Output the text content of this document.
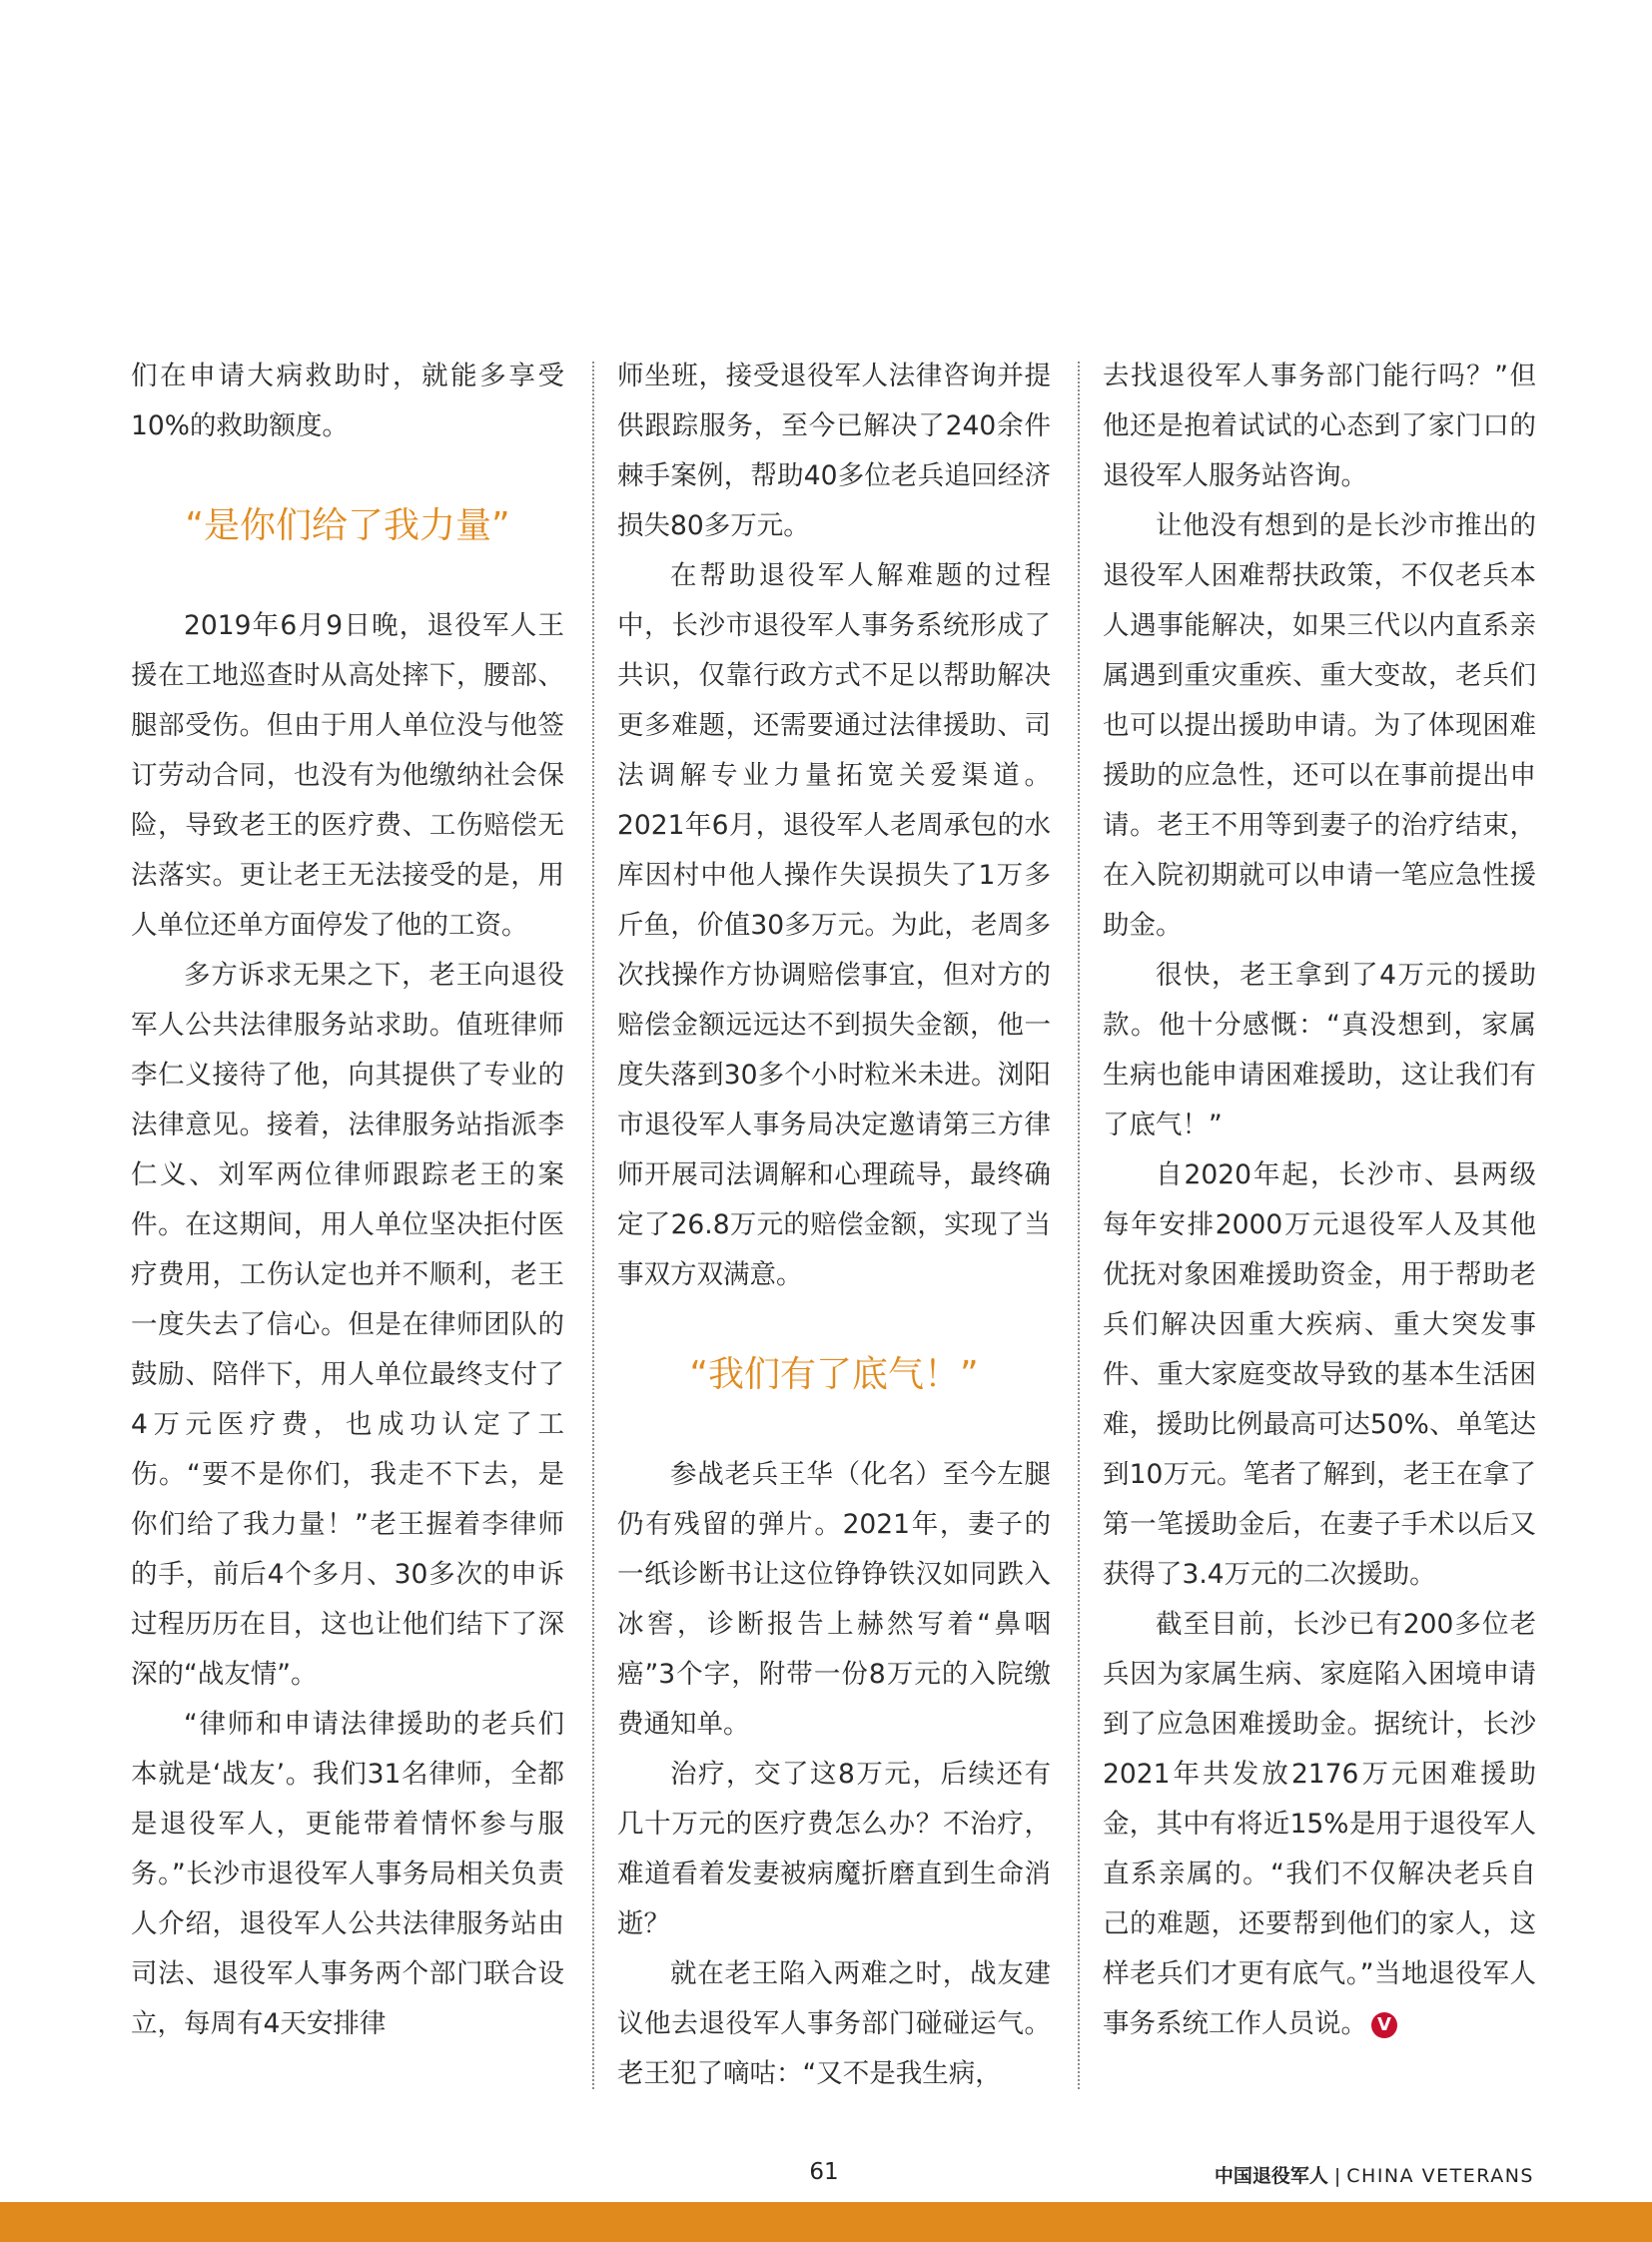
们在申请大病救助时，就能多享受10%的救助额度。

“是你们给了我力量”

2019年6月9日晚，退役军人王援在工地巡查时从高处摔下，腰部、腿部受伤。但由于用人单位没与他签订劳动合同，也没有为他缴纳社会保险，导致老王的医疗费、工伤赔偿无法落实。更让老王无法接受的是，用人单位还单方面停发了他的工资。

多方诉求无果之下，老王向退役军人公共法律服务站求助。值班律师李仁义接待了他，向其提供了专业的法律意见。接着，法律服务站指派李仁义、刘军两位律师跟踪老王的案件。在这期间，用人单位坚决拒付医疗费用，工伤认定也并不顺利，老王一度失去了信心。但是在律师团队的鼓励、陪伴下，用人单位最终支付了4万元医疗费，也成功认定了工伤。“要不是你们，我走不下去，是你们给了我力量！”老王握着李律师的手，前后4个多月、30多次的申诉过程历历在目，这也让他们结下了深深的“战友情”。

“律师和申请法律援助的老兵们本就是‘战友’。我们31名律师，全都是退役军人，更能带着情怀参与服务。”长沙市退役军人事务局相关负责人介绍，退役军人公共法律服务站由司法、退役军人事务两个部门联合设立，每周有4天安排律

师坐班，接受退役军人法律咨询并提供跟踪服务，至今已解决了240余件棘手案例，帮助40多位老兵追回经济损失80多万元。

在帮助退役军人解难题的过程中，长沙市退役军人事务系统形成了共识，仅靠行政方式不足以帮助解决更多难题，还需要通过法律援助、司法调解专业力量拓宽关爱渠道。2021年6月，退役军人老周承包的水库因村中他人操作失误损失了1万多斤鱼，价值30多万元。为此，老周多次找操作方协调赔偿事宜，但对方的赔偿金额远远达不到损失金额，他一度失落到30多个小时粒米未进。浏阳市退役军人事务局决定邀请第三方律师开展司法调解和心理疏导，最终确定了26.8万元的赔偿金额，实现了当事双方双满意。

“我们有了底气！”

参战老兵王华（化名）至今左腿仍有残留的弹片。2021年，妻子的一纸诊断书让这位铮铮铁汉如同跌入冰窖，诊断报告上赫然写着“鼻咽癌”3个字，附带一份8万元的入院缴费通知单。

治疗，交了这8万元，后续还有几十万元的医疗费怎么办？不治疗，难道看着发妻被病魔折磨直到生命消逝？

就在老王陷入两难之时，战友建议他去退役军人事务部门碰碰运气。老王犯了嘀咕：“又不是我生病，

去找退役军人事务部门能行吗？”但他还是抱着试试的心态到了家门口的退役军人服务站咨询。

让他没有想到的是长沙市推出的退役军人困难帮扶政策，不仅老兵本人遇事能解决，如果三代以内直系亲属遇到重灾重疾、重大变故，老兵们也可以提出援助申请。为了体现困难援助的应急性，还可以在事前提出申请。老王不用等到妻子的治疗结束，在入院初期就可以申请一笔应急性援助金。

很快，老王拿到了4万元的援助款。他十分感慨：“真没想到，家属生病也能申请困难援助，这让我们有了底气！”

自2020年起，长沙市、县两级每年安排2000万元退役军人及其他优抚对象困难援助资金，用于帮助老兵们解决因重大疾病、重大突发事件、重大家庭变故导致的基本生活困难，援助比例最高可达50%、单笔达到10万元。笔者了解到，老王在拿了第一笔援助金后，在妻子手术以后又获得了3.4万元的二次援助。

截至目前，长沙已有200多位老兵因为家属生病、家庭陷入困境申请到了应急困难援助金。据统计，长沙2021年共发放2176万元困难援助金，其中有将近15%是用于退役军人直系亲属的。“我们不仅解决老兵自己的难题，还要帮到他们的家人，这样老兵们才更有底气。”当地退役军人事务系统工作人员说。 V

61	中国退役军人 | CHINA VETERANS
